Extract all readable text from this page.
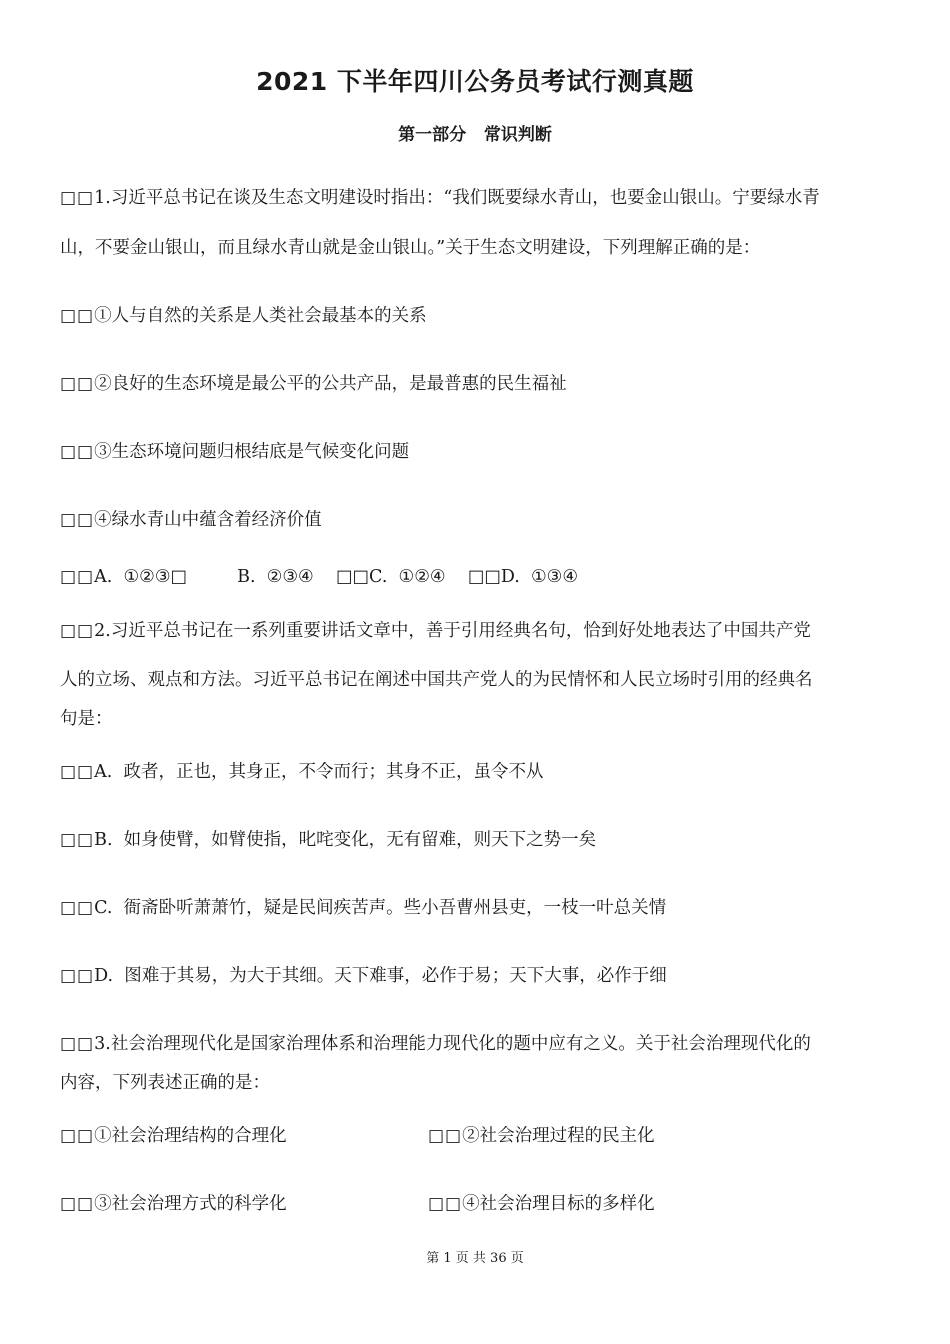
2021 下半年四川公务员考试行测真题
第一部分   常识判断
□□1.习近平总书记在谈及生态文明建设时指出：“我们既要绿水青山，也要金山银山。宁要绿水青
山，不要金山银山，而且绿水青山就是金山银山。”关于生态文明建设，下列理解正确的是：
□□①人与自然的关系是人类社会最基本的关系
□□②良好的生态环境是最公平的公共产品，是最普惠的民生福祉
□□③生态环境问题归根结底是气候变化问题
□□④绿水青山中蕴含着经济价值
□□A.  ①②③□         B.  ②③④    □□C.  ①②④    □□D.  ①③④
□□2.习近平总书记在一系列重要讲话文章中，善于引用经典名句，恰到好处地表达了中国共产党
人的立场、观点和方法。习近平总书记在阐述中国共产党人的为民情怀和人民立场时引用的经典名
句是：
□□A.  政者，正也，其身正，不令而行；其身不正，虽令不从
□□B.  如身使臂，如臂使指，叱咤变化，无有留难，则天下之势一矣
□□C.  衙斋卧听萧萧竹，疑是民间疾苦声。些小吾曹州县吏，一枝一叶总关情
□□D.  图难于其易，为大于其细。天下难事，必作于易；天下大事，必作于细
□□3.社会治理现代化是国家治理体系和治理能力现代化的题中应有之义。关于社会治理现代化的
内容，下列表述正确的是：
□□①社会治理结构的合理化	□□②社会治理过程的民主化
□□③社会治理方式的科学化	□□④社会治理目标的多样化
第 1 页 共 36 页
